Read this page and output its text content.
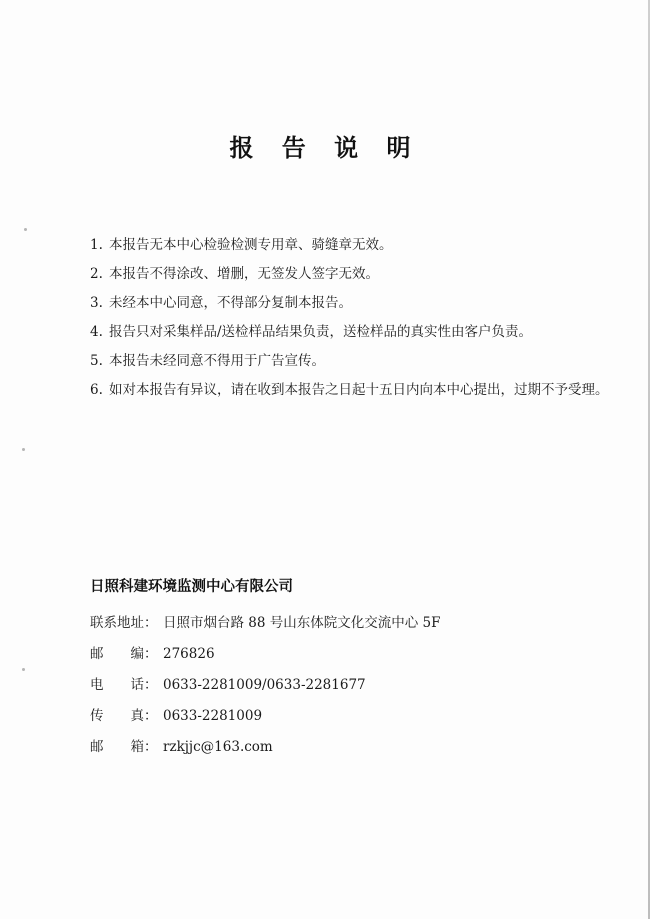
报 告 说 明
1. 本报告无本中心检验检测专用章、骑缝章无效。
2. 本报告不得涂改、增删，无签发人签字无效。
3. 未经本中心同意，不得部分复制本报告。
4. 报告只对采集样品/送检样品结果负责，送检样品的真实性由客户负责。
5. 本报告未经同意不得用于广告宣传。
6. 如对本报告有异议，请在收到本报告之日起十五日内向本中心提出，过期不予受理。
日照科建环境监测中心有限公司
联系地址： 日照市烟台路 88 号山东体院文化交流中心 5F
邮　　编： 276826
电　　话： 0633-2281009/0633-2281677
传　　真： 0633-2281009
邮　　箱： rzkjjc@163.com
